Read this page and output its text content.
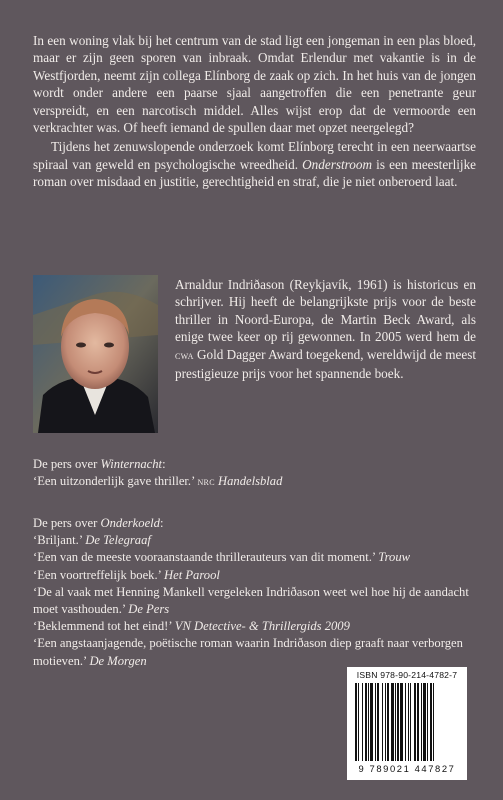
In een woning vlak bij het centrum van de stad ligt een jongeman in een plas bloed, maar er zijn geen sporen van inbraak. Omdat Erlendur met vakantie is in de Westfjorden, neemt zijn collega Elínborg de zaak op zich. In het huis van de jongen wordt onder andere een paarse sjaal aangetroffen die een penetrante geur verspreidt, en een narcotisch middel. Alles wijst erop dat de vermoorde een verkrachter was. Of heeft iemand de spullen daar met opzet neergelegd?

Tijdens het zenuwslopende onderzoek komt Elínborg terecht in een neerwaartse spiraal van geweld en psychologische wreedheid. Onderstroom is een meesterlijke roman over misdaad en justitie, gerechtigheid en straf, die je niet onberoerd laat.

Arnaldur Indriðason (Reykjavík, 1961) is historicus en schrijver. Hij heeft de belangrijkste prijs voor de beste thriller in Noord-Europa, de Martin Beck Award, als enige twee keer op rij gewonnen. In 2005 werd hem de cwa Gold Dagger Award toegekend, wereldwijd de meest prestigieuze prijs voor het spannende boek.
De pers over Winternacht:
‘Een uitzonderlijk gave thriller.’ nrc Handelsblad
De pers over Onderkoeld:
‘Briljant.’ De Telegraaf
‘Een van de meeste vooraanstaande thrillerauteurs van dit moment.’ Trouw
‘Een voortreffelijk boek.’ Het Parool
‘De al vaak met Henning Mankell vergeleken Indriðason weet wel hoe hij de aandacht moet vasthouden.’ De Pers
‘Beklemmend tot het eind!’ VN Detective- & Thrillergids 2009
‘Een angstaanjagende, poëtische roman waarin Indriðason diep graaft naar verborgen motieven.’ De Morgen
ISBN 978-90-214-4782-7
9 789021 447827
